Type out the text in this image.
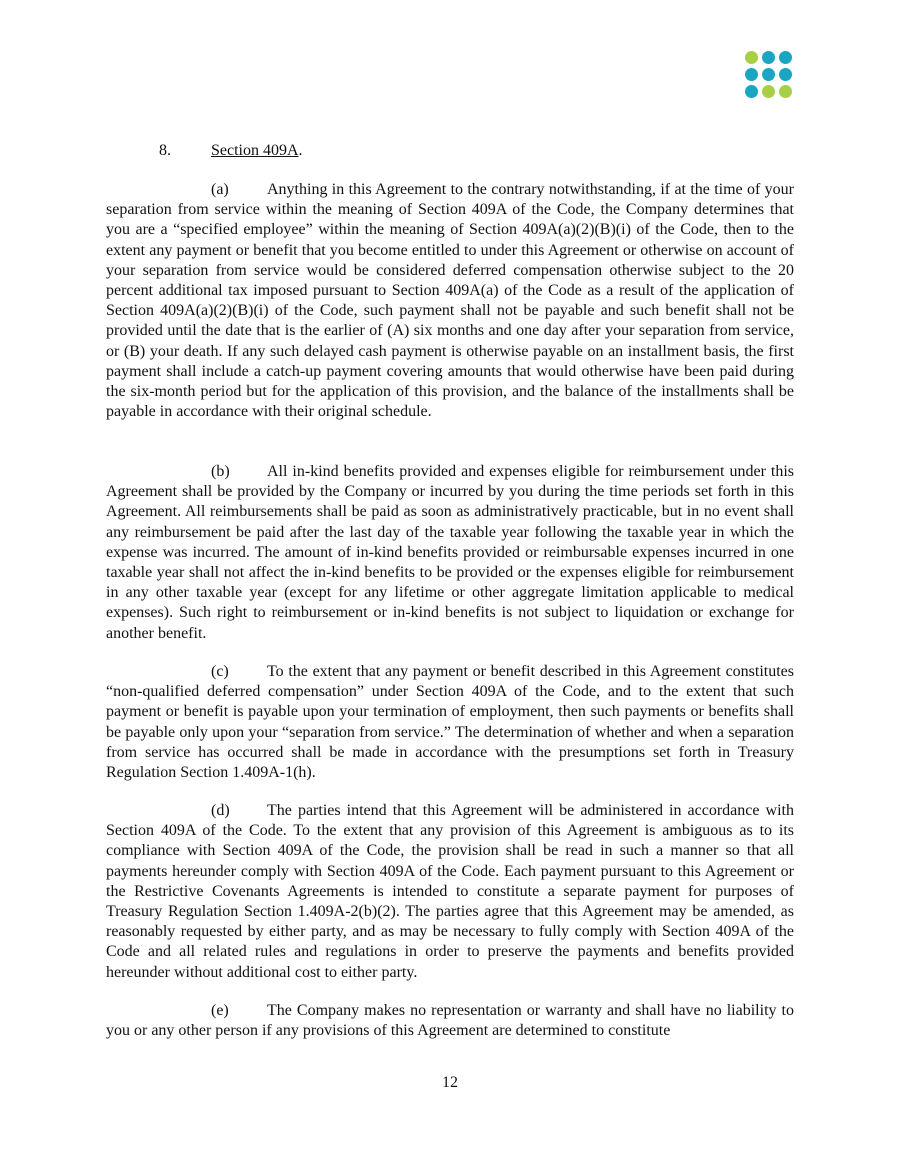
8.	Section 409A.

(a) Anything in this Agreement to the contrary notwithstanding, if at the time of your separation from service within the meaning of Section 409A of the Code, the Company determines that you are a “specified employee” within the meaning of Section 409A(a)(2)(B)(i) of the Code, then to the extent any payment or benefit that you become entitled to under this Agreement or otherwise on account of your separation from service would be considered deferred compensation otherwise subject to the 20 percent additional tax imposed pursuant to Section 409A(a) of the Code as a result of the application of Section 409A(a)(2)(B)(i) of the Code, such payment shall not be payable and such benefit shall not be provided until the date that is the earlier of (A) six months and one day after your separation from service, or (B) your death. If any such delayed cash payment is otherwise payable on an installment basis, the first payment shall include a catch-up payment covering amounts that would otherwise have been paid during the six-month period but for the application of this provision, and the balance of the installments shall be payable in accordance with their original schedule.

(b) All in-kind benefits provided and expenses eligible for reimbursement under this Agreement shall be provided by the Company or incurred by you during the time periods set forth in this Agreement. All reimbursements shall be paid as soon as administratively practicable, but in no event shall any reimbursement be paid after the last day of the taxable year following the taxable year in which the expense was incurred. The amount of in-kind benefits provided or reimbursable expenses incurred in one taxable year shall not affect the in-kind benefits to be provided or the expenses eligible for reimbursement in any other taxable year (except for any lifetime or other aggregate limitation applicable to medical expenses). Such right to reimbursement or in-kind benefits is not subject to liquidation or exchange for another benefit.

(c) To the extent that any payment or benefit described in this Agreement constitutes “non-qualified deferred compensation” under Section 409A of the Code, and to the extent that such payment or benefit is payable upon your termination of employment, then such payments or benefits shall be payable only upon your “separation from service.” The determination of whether and when a separation from service has occurred shall be made in accordance with the presumptions set forth in Treasury Regulation Section 1.409A-1(h).

(d) The parties intend that this Agreement will be administered in accordance with Section 409A of the Code. To the extent that any provision of this Agreement is ambiguous as to its compliance with Section 409A of the Code, the provision shall be read in such a manner so that all payments hereunder comply with Section 409A of the Code. Each payment pursuant to this Agreement or the Restrictive Covenants Agreements is intended to constitute a separate payment for purposes of Treasury Regulation Section 1.409A-2(b)(2). The parties agree that this Agreement may be amended, as reasonably requested by either party, and as may be necessary to fully comply with Section 409A of the Code and all related rules and regulations in order to preserve the payments and benefits provided hereunder without additional cost to either party.

(e) The Company makes no representation or warranty and shall have no liability to you or any other person if any provisions of this Agreement are determined to constitute

12
